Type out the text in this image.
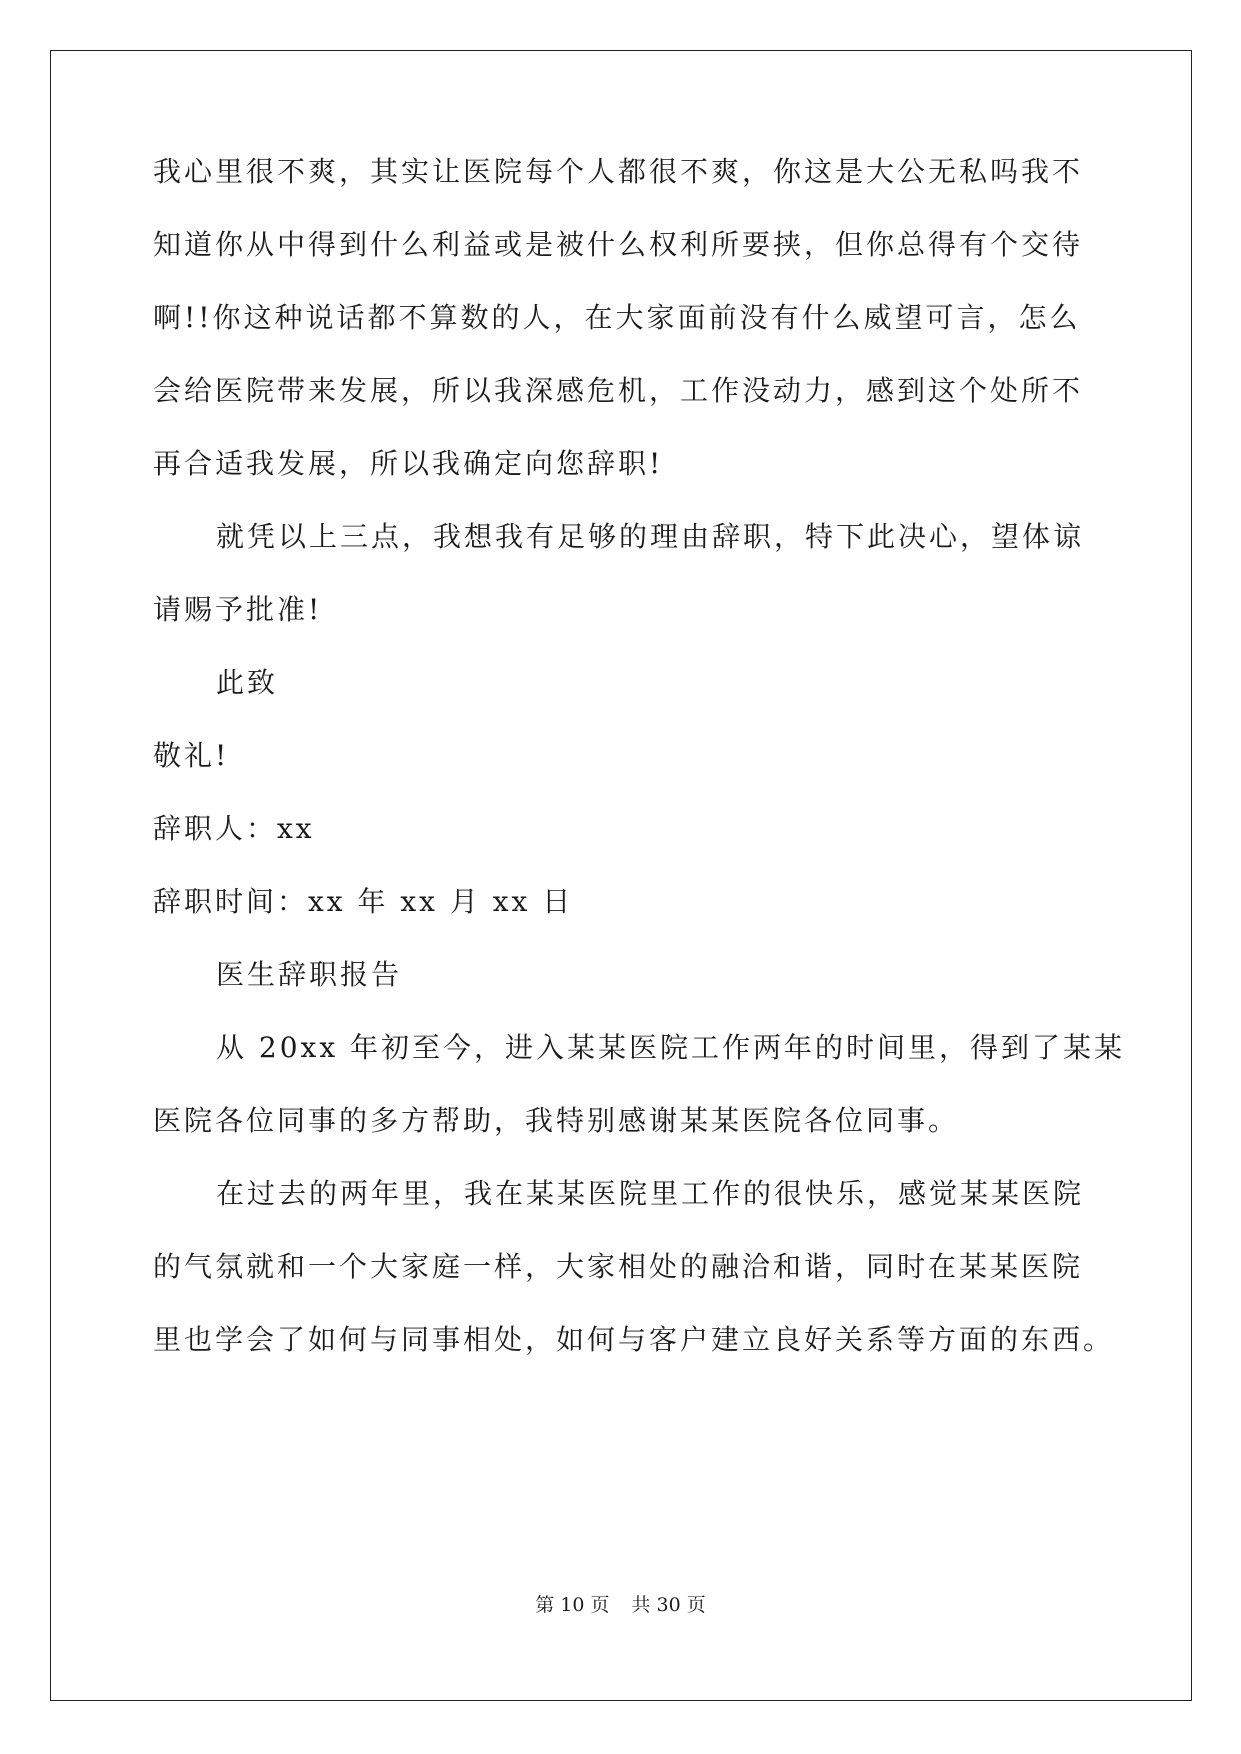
我心里很不爽，其实让医院每个人都很不爽，你这是大公无私吗我不
知道你从中得到什么利益或是被什么权利所要挟，但你总得有个交待
啊!!你这种说话都不算数的人，在大家面前没有什么威望可言，怎么
会给医院带来发展，所以我深感危机，工作没动力，感到这个处所不
再合适我发展，所以我确定向您辞职!
就凭以上三点，我想我有足够的理由辞职，特下此决心，望体谅
请赐予批准!
此致
敬礼!
辞职人：xx
辞职时间：xx 年 xx 月 xx 日
医生辞职报告
从 20xx 年初至今，进入某某医院工作两年的时间里，得到了某某
医院各位同事的多方帮助，我特别感谢某某医院各位同事。
在过去的两年里，我在某某医院里工作的很快乐，感觉某某医院
的气氛就和一个大家庭一样，大家相处的融洽和谐，同时在某某医院
里也学会了如何与同事相处，如何与客户建立良好关系等方面的东西。
第 10 页 共 30 页
